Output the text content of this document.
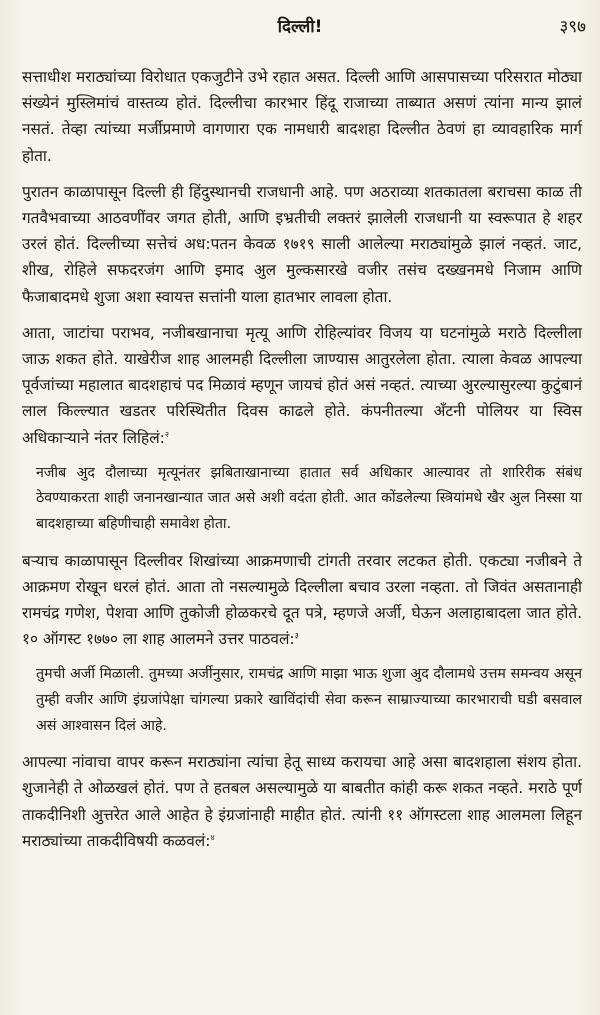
दिल्ली!	३९७

सत्ताधीश मराठ्यांच्या विरोधात एकजुटीने उभे रहात असत. दिल्ली आणि आसपासच्या परिसरात मोठ्या संख्येनं मुस्लिमांचं वास्तव्य होतं. दिल्लीचा कारभार हिंदू राजाच्या ताब्यात असणं त्यांना मान्य झालं नसतं. तेव्हा त्यांच्या मर्जीप्रमाणे वागणारा एक नामधारी बादशहा दिल्लीत ठेवणं हा व्यावहारिक मार्ग होता.

पुरातन काळापासून दिल्ली ही हिंदुस्थानची राजधानी आहे. पण अठराव्या शतकातला बराचसा काळ ती गतवैभवाच्या आठवणींवर जगत होती, आणि इभ्रतीची लक्तरं झालेली राजधानी या स्वरूपात हे शहर उरलं होतं. दिल्लीच्या सत्तेचं अध:पतन केवळ १७१९ साली आलेल्या मराठ्यांमुळे झालं नव्हतं. जाट, शीख, रोहिले सफदरजंग आणि इमाद अुल मुल्कसारखे वजीर तसंच दख्खनमधे निजाम आणि फैजाबादमधे शुजा अशा स्वायत्त सत्तांनी याला हातभार लावला होता.

आता, जाटांचा पराभव, नजीबखानाचा मृत्यू आणि रोहिल्यांवर विजय या घटनांमुळे मराठे दिल्लीला जाऊ शकत होते. याखेरीज शाह आलमही दिल्लीला जाण्यास आतुरलेला होता. त्याला केवळ आपल्या पूर्वजांच्या महालात बादशहाचं पद मिळावं म्हणून जायचं होतं असं नव्हतं. त्याच्या अुरल्यासुरल्या कुटुंबानं लाल किल्ल्यात खडतर परिस्थितीत दिवस काढले होते. कंपनीतल्या अँटनी पोलियर या स्विस अधिकाऱ्याने नंतर लिहिलं:$^२$

नजीब अुद दौलाच्या मृत्यूनंतर झबिताखानाच्या हातात सर्व अधिकार आल्यावर तो शारिरीक संबंध ठेवण्याकरता शाही जनानखान्यात जात असे अशी वदंता होती. आत कोंडलेल्या स्त्रियांमधे खैर अुल निस्सा या बादशहाच्या बहिणीचाही समावेश होता.

बऱ्याच काळापासून दिल्लीवर शिखांच्या आक्रमणाची टांगती तरवार लटकत होती. एकट्या नजीबने ते आक्रमण रोखून धरलं होतं. आता तो नसल्यामुळे दिल्लीला बचाव उरला नव्हता. तो जिवंत असतानाही रामचंद्र गणेश, पेशवा आणि तुकोजी होळकरचे दूत पत्रे, म्हणजे अर्जी, घेऊन अलाहाबादला जात होते. १० ऑगस्ट १७७० ला शाह आलमने उत्तर पाठवलं:$^३$

तुमची अर्जी मिळाली. तुमच्या अर्जीनुसार, रामचंद्र आणि माझा भाऊ शुजा अुद दौलामधे उत्तम समन्वय असून तुम्ही वजीर आणि इंग्रजांपेक्षा चांगल्या प्रकारे खाविंदांची सेवा करून साम्राज्याच्या कारभाराची घडी बसवाल असं आश्वासन दिलं आहे.

आपल्या नांवाचा वापर करून मराठ्यांना त्यांचा हेतू साध्य करायचा आहे असा बादशहाला संशय होता. शुजानेही ते ओळखलं होतं. पण ते हतबल असल्यामुळे या बाबतीत कांही करू शकत नव्हते. मराठे पूर्ण ताकदीनिशी अुत्तरेत आले आहेत हे इंग्रजांनाही माहीत होतं. त्यांनी ११ ऑगस्टला शाह आलमला लिहून मराठ्यांच्या ताकदीविषयी कळवलं:$^४$
